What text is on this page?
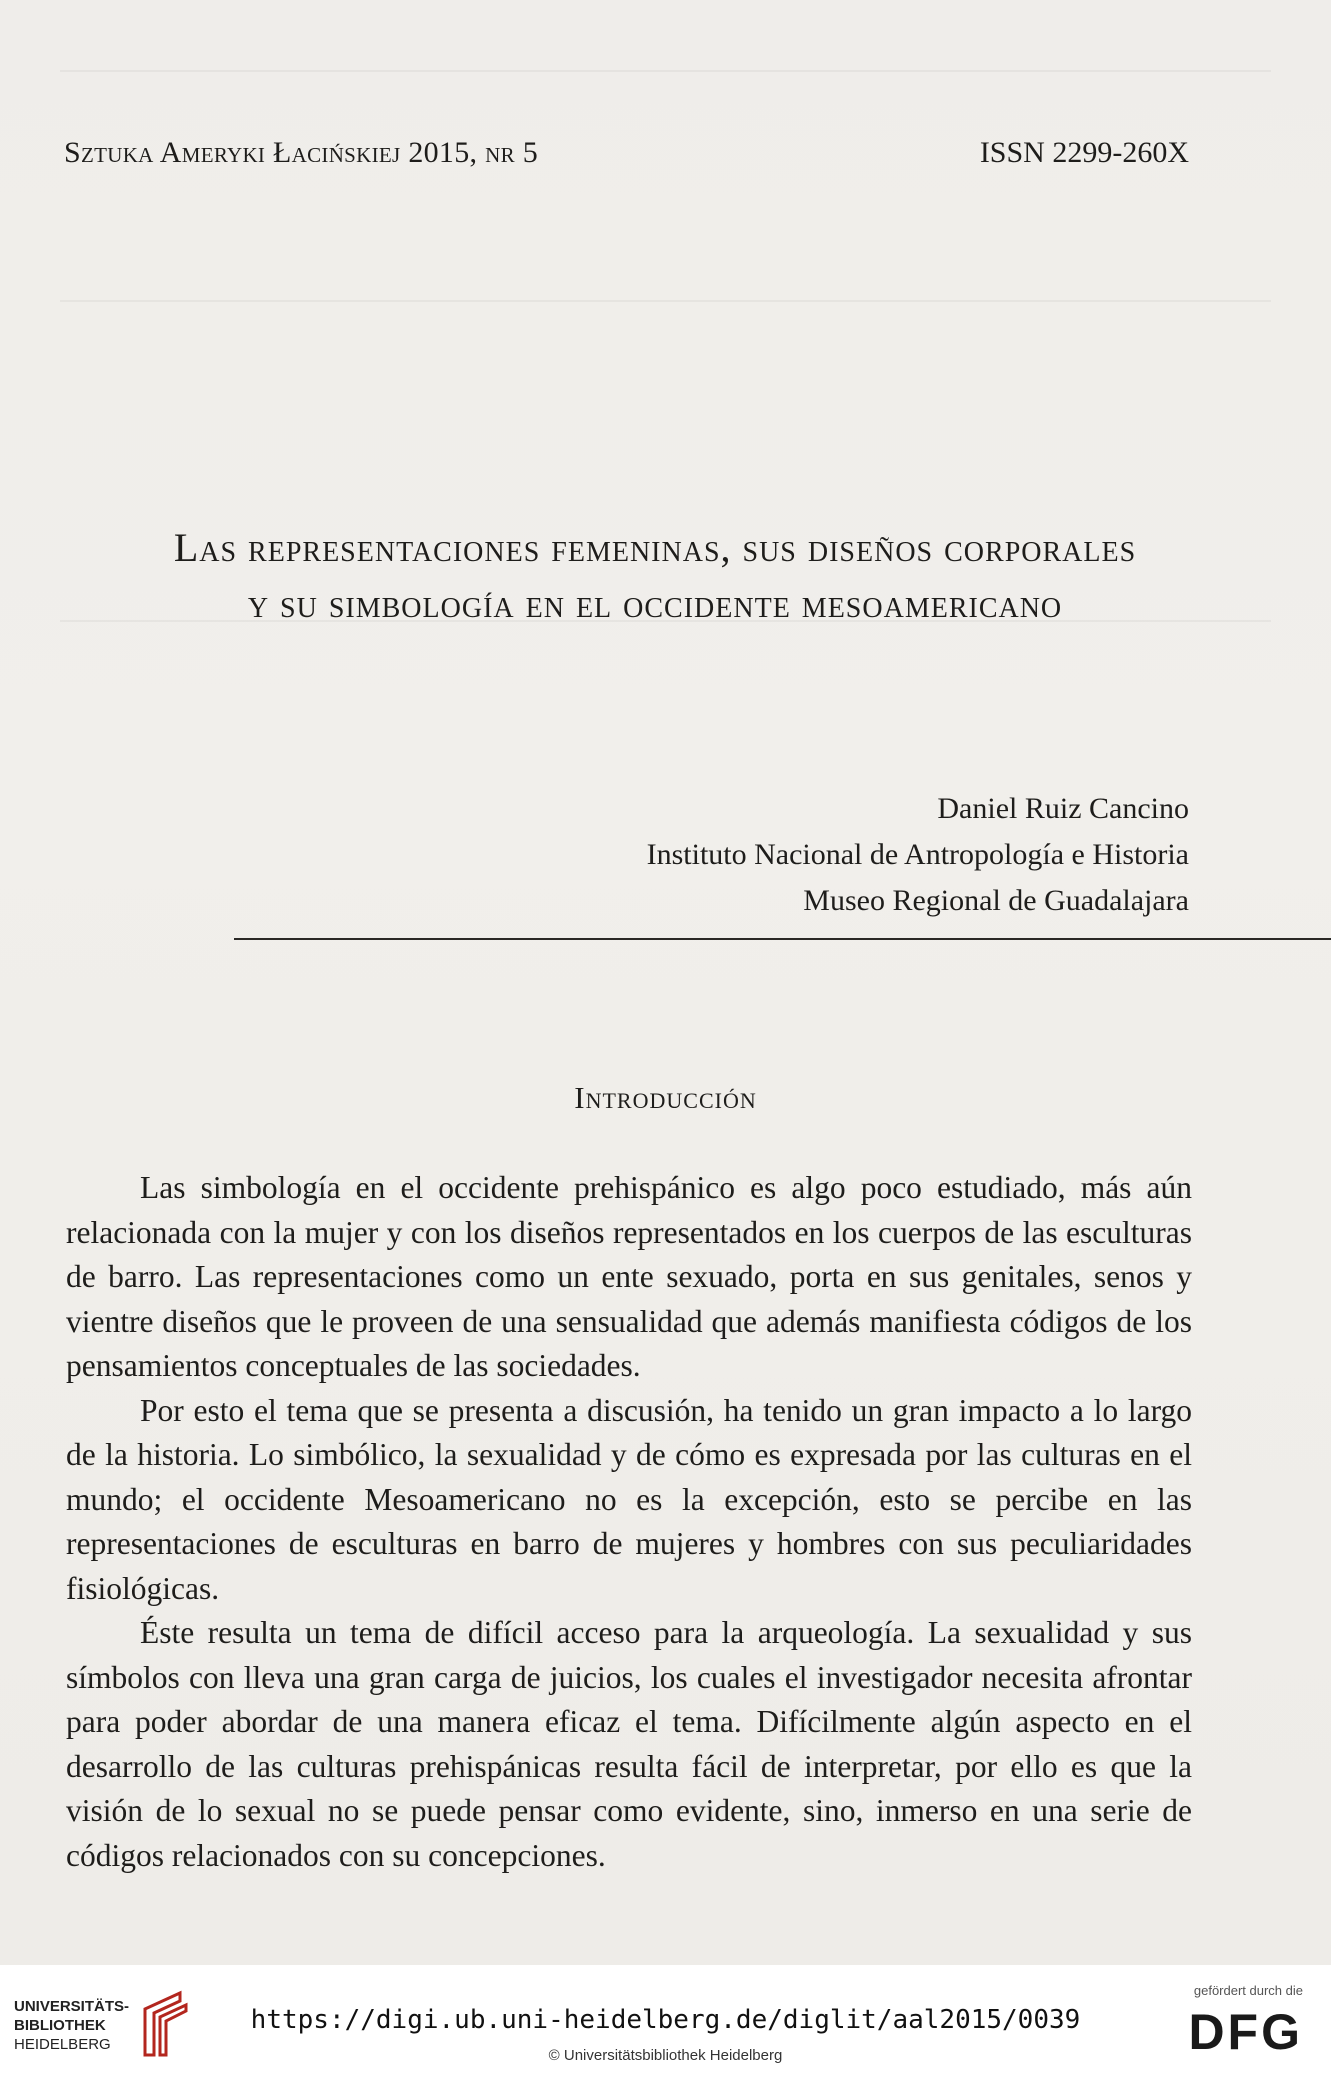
Sztuka Ameryki Łacińskiej 2015, nr 5	ISSN 2299-260X
Las representaciones femeninas, sus diseños corporales
y su simbología en el occidente mesoamericano
Daniel Ruiz Cancino
Instituto Nacional de Antropología e Historia
Museo Regional de Guadalajara
Introducción

Las simbología en el occidente prehispánico es algo poco estudiado, más aún relacionada con la mujer y con los diseños representados en los cuerpos de las esculturas de barro. Las representaciones como un ente sexuado, porta en sus genitales, senos y vientre diseños que le proveen de una sensualidad que además manifiesta códigos de los pensamientos conceptuales de las sociedades.

Por esto el tema que se presenta a discusión, ha tenido un gran impacto a lo largo de la historia. Lo simbólico, la sexualidad y de cómo es expresada por las culturas en el mundo; el occidente Mesoamericano no es la excepción, esto se percibe en las representaciones de esculturas en barro de mujeres y hombres con sus peculiaridades fisiológicas.

Éste resulta un tema de difícil acceso para la arqueología. La sexualidad y sus símbolos con lleva una gran carga de juicios, los cuales el investigador necesita afrontar para poder abordar de una manera eficaz el tema. Difícilmente algún aspecto en el desarrollo de las culturas prehispánicas resulta fácil de interpretar, por ello es que la visión de lo sexual no se puede pensar como evidente, sino, inmerso en una serie de códigos relacionados con su concepciones.

UNIVERSITÄTS-
BIBLIOTHEK
HEIDELBERG
https://digi.ub.uni-heidelberg.de/diglit/aal2015/0039
© Universitätsbibliothek Heidelberg
gefördert durch die
DFG
